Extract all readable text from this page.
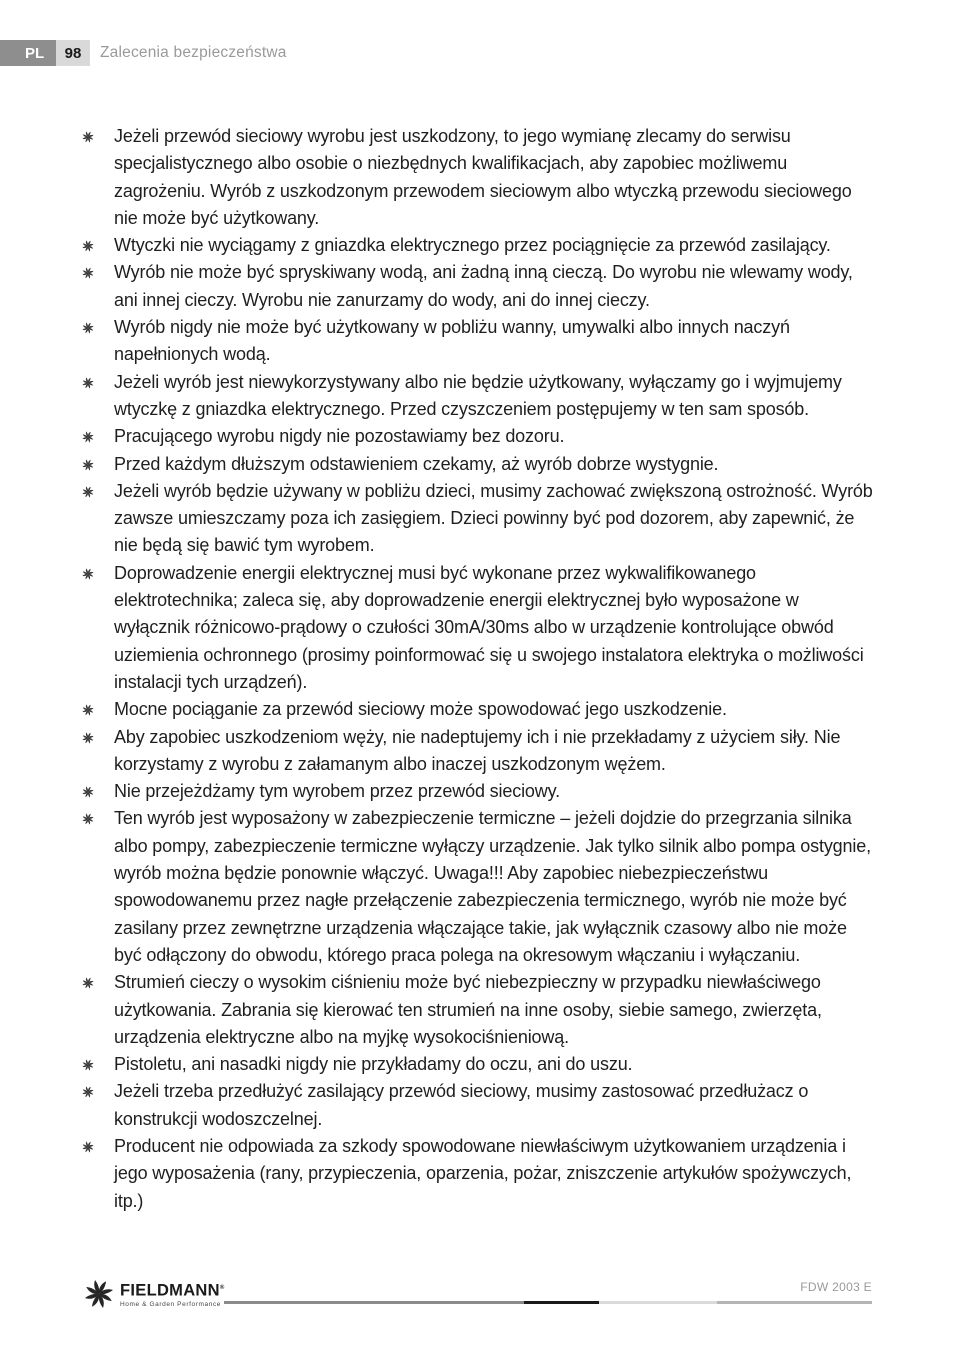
PL	98	Zalecenia bezpieczeństwa
Jeżeli przewód sieciowy wyrobu jest uszkodzony, to jego wymianę zlecamy do serwisu specjalistycznego albo osobie o niezbędnych kwalifikacjach, aby zapobiec możliwemu zagrożeniu. Wyrób z uszkodzonym przewodem sieciowym albo wtyczką przewodu sieciowego nie może być użytkowany.
Wtyczki nie wyciągamy z gniazdka elektrycznego przez pociągnięcie za przewód zasilający.
Wyrób nie może być spryskiwany wodą, ani żadną inną cieczą. Do wyrobu nie wlewamy wody, ani innej cieczy. Wyrobu nie zanurzamy do wody, ani do innej cieczy.
Wyrób nigdy nie może być użytkowany w pobliżu wanny, umywalki albo innych naczyń napełnionych wodą.
Jeżeli wyrób jest niewykorzystywany albo nie będzie użytkowany, wyłączamy go i wyjmujemy wtyczkę z gniazdka elektrycznego. Przed czyszczeniem postępujemy w ten sam sposób.
Pracującego wyrobu nigdy nie pozostawiamy bez dozoru.
Przed każdym dłuższym odstawieniem czekamy, aż wyrób dobrze wystygnie.
Jeżeli wyrób będzie używany w pobliżu dzieci, musimy zachować zwiększoną ostrożność. Wyrób zawsze umieszczamy poza ich zasięgiem. Dzieci powinny być pod dozorem, aby zapewnić, że nie będą się bawić tym wyrobem.
Doprowadzenie energii elektrycznej musi być wykonane przez wykwalifikowanego elektrotechnika; zaleca się, aby doprowadzenie energii elektrycznej było wyposażone w wyłącznik różnicowo-prądowy o czułości 30mA/30ms albo w urządzenie kontrolujące obwód uziemienia ochronnego (prosimy poinformować się u swojego instalatora elektryka o możliwości instalacji tych urządzeń).
Mocne pociąganie za przewód sieciowy może spowodować jego uszkodzenie.
Aby zapobiec uszkodzeniom węży, nie nadeptujemy ich i nie przekładamy z użyciem siły. Nie korzystamy z wyrobu z załamanym albo inaczej uszkodzonym wężem.
Nie przejeżdżamy tym wyrobem przez przewód sieciowy.
Ten wyrób jest wyposażony w zabezpieczenie termiczne – jeżeli dojdzie do przegrzania silnika albo pompy, zabezpieczenie termiczne wyłączy urządzenie. Jak tylko silnik albo pompa ostygnie, wyrób można będzie ponownie włączyć. Uwaga!!! Aby zapobiec niebezpieczeństwu spowodowanemu przez nagłe przełączenie zabezpieczenia termicznego, wyrób nie może być zasilany przez zewnętrzne urządzenia włączające takie, jak wyłącznik czasowy albo nie może być odłączony do obwodu, którego praca polega na okresowym włączaniu i wyłączaniu.
Strumień cieczy o wysokim ciśnieniu może być niebezpieczny w przypadku niewłaściwego użytkowania. Zabrania się kierować ten strumień na inne osoby, siebie samego, zwierzęta, urządzenia elektryczne albo na myjkę wysokociśnieniową.
Pistoletu, ani nasadki nigdy nie przykładamy do oczu, ani do uszu.
Jeżeli trzeba przedłużyć zasilający przewód sieciowy, musimy zastosować przedłużacz o konstrukcji wodoszczelnej.
Producent nie odpowiada za szkody spowodowane niewłaściwym użytkowaniem urządzenia i jego wyposażenia (rany, przypieczenia, oparzenia, pożar, zniszczenie artykułów spożywczych, itp.)
FIELDMANN®
Home & Garden Performance
FDW 2003 E
